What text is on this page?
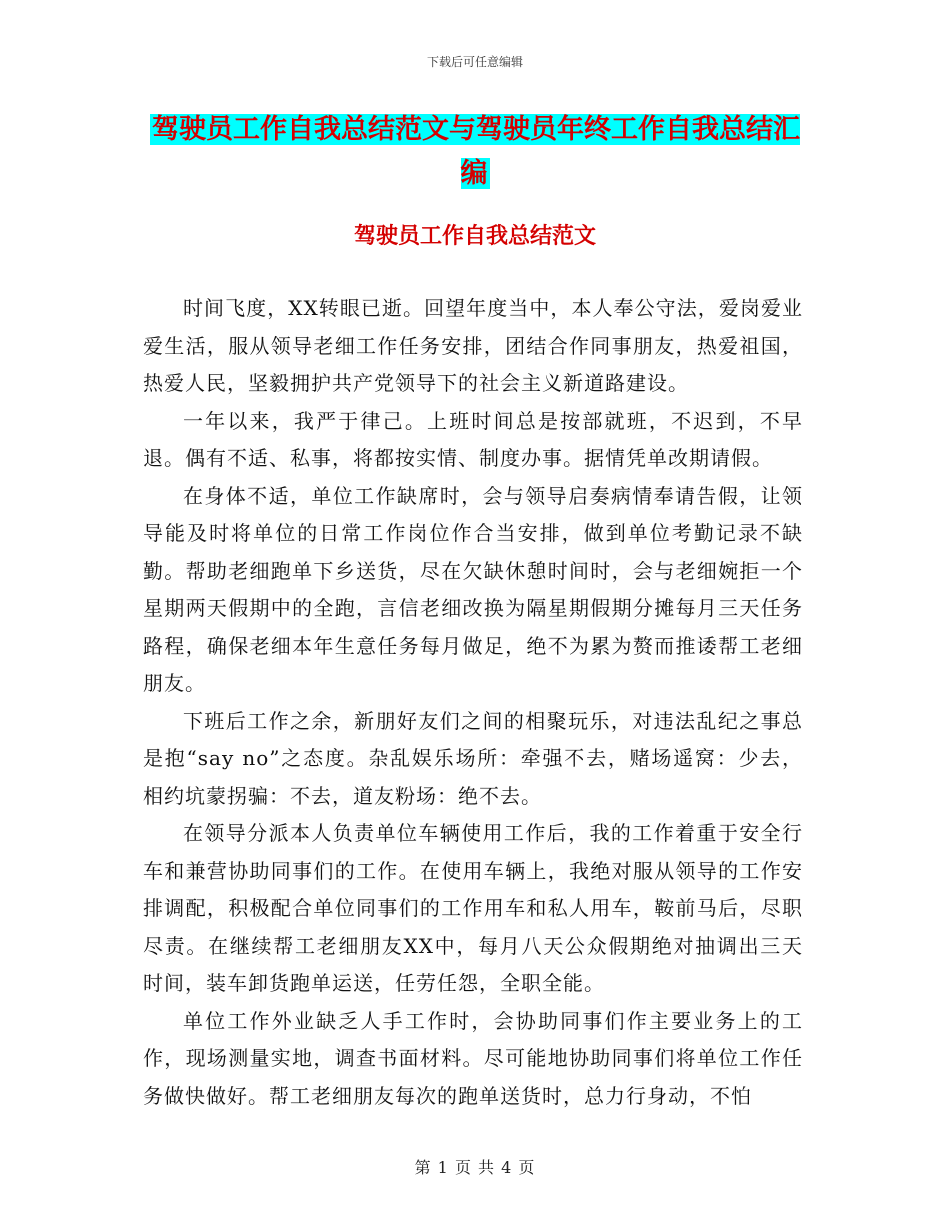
下载后可任意编辑
驾驶员工作自我总结范文与驾驶员年终工作自我总结汇编
驾驶员工作自我总结范文

时间飞度，XX转眼已逝。回望年度当中，本人奉公守法，爱岗爱业爱生活，服从领导老细工作任务安排，团结合作同事朋友，热爱祖国，热爱人民，坚毅拥护共产党领导下的社会主义新道路建设。

一年以来，我严于律己。上班时间总是按部就班，不迟到，不早退。偶有不适、私事，将都按实情、制度办事。据情凭单改期请假。

在身体不适，单位工作缺席时，会与领导启奏病情奉请告假，让领导能及时将单位的日常工作岗位作合当安排，做到单位考勤记录不缺勤。帮助老细跑单下乡送货，尽在欠缺休憩时间时，会与老细婉拒一个星期两天假期中的全跑，言信老细改换为隔星期假期分摊每月三天任务路程，确保老细本年生意任务每月做足，绝不为累为赘而推诿帮工老细朋友。

下班后工作之余，新朋好友们之间的相聚玩乐，对违法乱纪之事总是抱“say no”之态度。杂乱娱乐场所：牵强不去，赌场遥窝：少去，相约坑蒙拐骗：不去，道友粉场：绝不去。

在领导分派本人负责单位车辆使用工作后，我的工作着重于安全行车和兼营协助同事们的工作。在使用车辆上，我绝对服从领导的工作安排调配，积极配合单位同事们的工作用车和私人用车，鞍前马后，尽职尽责。在继续帮工老细朋友XX中，每月八天公众假期绝对抽调出三天时间，装车卸货跑单运送，任劳任怨，全职全能。

单位工作外业缺乏人手工作时，会协助同事们作主要业务上的工作，现场测量实地，调查书面材料。尽可能地协助同事们将单位工作任务做快做好。帮工老细朋友每次的跑单送货时，总力行身动，不怕

第 1 页 共 4 页
